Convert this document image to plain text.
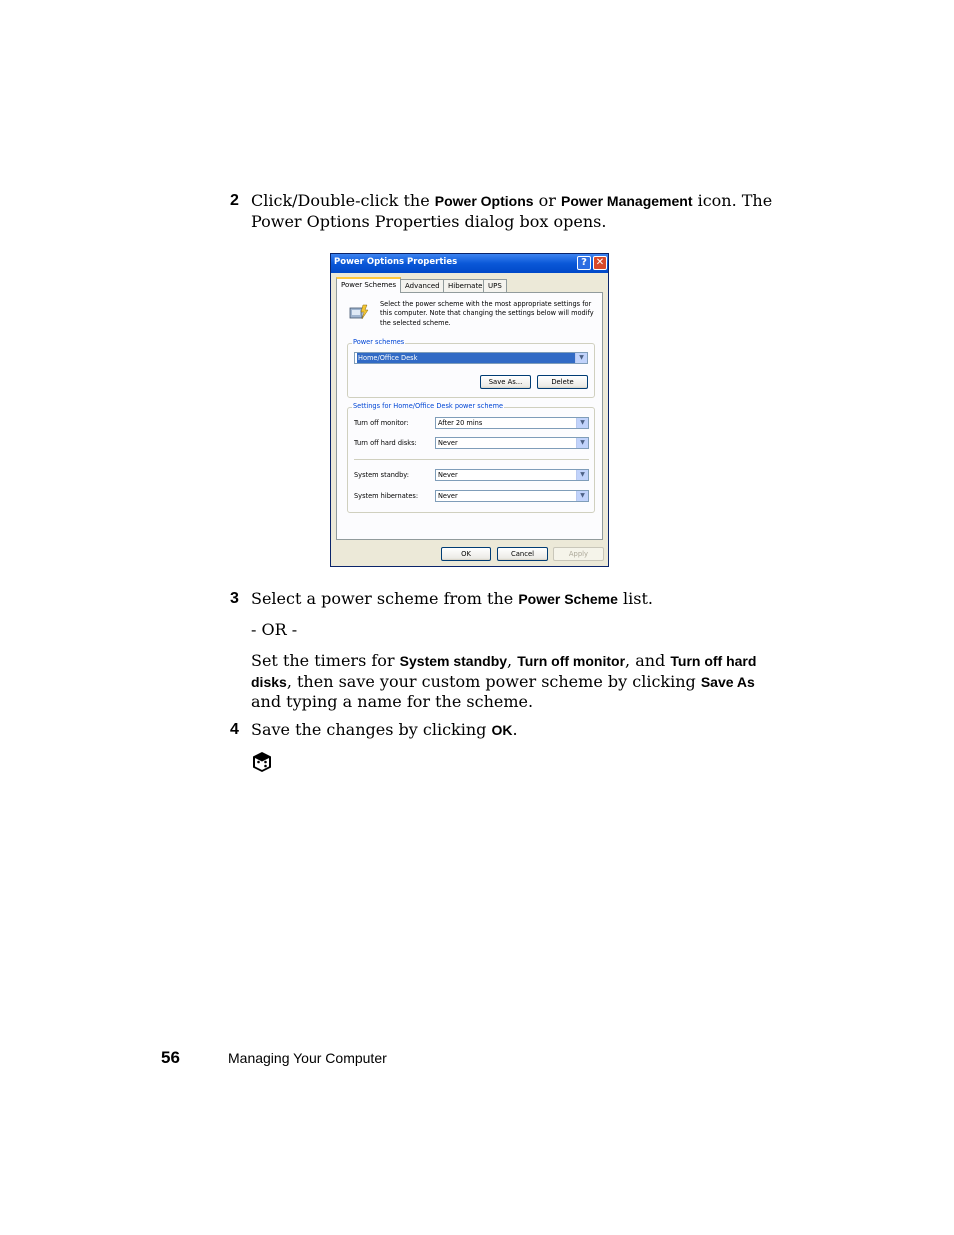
2 Click/Double-click the Power Options or Power Management icon. The Power Options Properties dialog box opens.
Power Options Properties	? ✕
Power Schemes	Advanced	Hibernate UPS
Select the power scheme with the most appropriate settings for this computer. Note that changing the settings below will modify the selected scheme.
Power schemes
Home/Office Desk	▼
Save As...	Delete
Settings for Home/Office Desk power scheme
Turn off monitor:	After 20 mins	▼
Turn off hard disks:	Never	▼
System standby:	Never	▼
System hibernates:	Never	▼
OK	Cancel	Apply
3 Select a power scheme from the Power Scheme list.
- OR -
Set the timers for System standby, Turn off monitor, and Turn off hard disks, then save your custom power scheme by clicking Save As and typing a name for the scheme.
4 Save the changes by clicking OK.
56	Managing Your Computer
